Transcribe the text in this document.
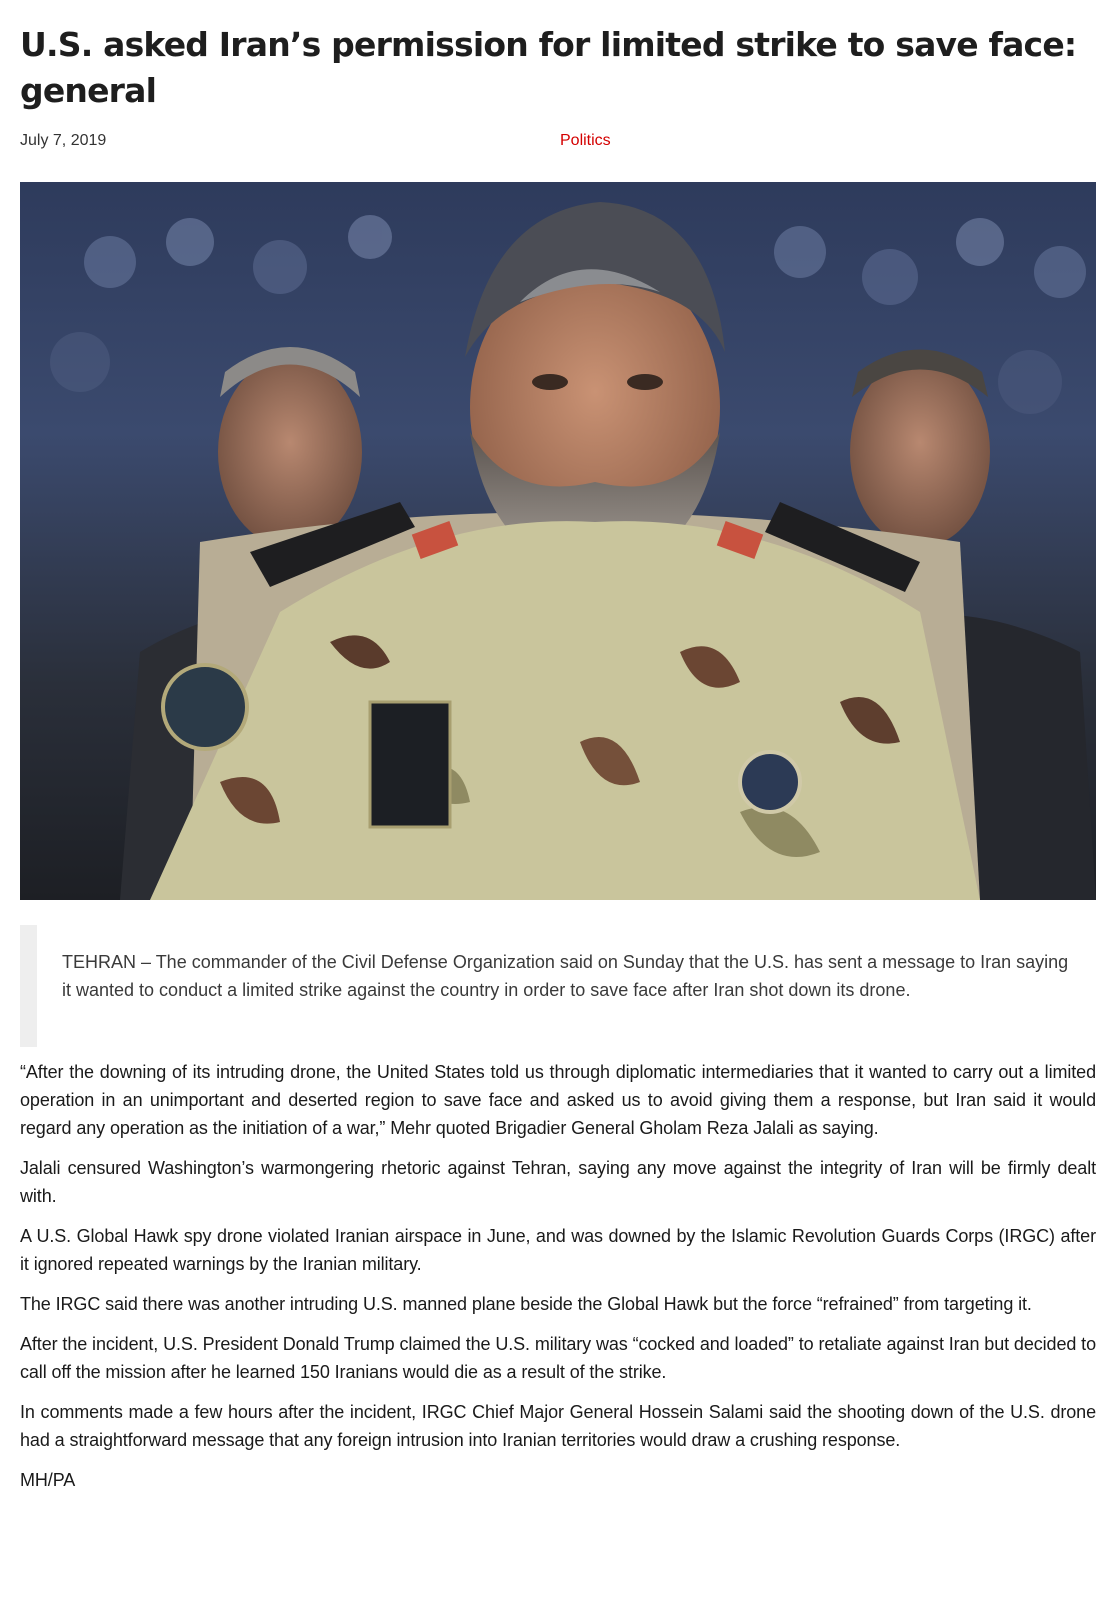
U.S. asked Iran’s permission for limited strike to save face: general
July 7, 2019	Politics

TEHRAN – The commander of the Civil Defense Organization said on Sunday that the U.S. has sent a message to Iran saying it wanted to conduct a limited strike against the country in order to save face after Iran shot down its drone.

“After the downing of its intruding drone, the United States told us through diplomatic intermediaries that it wanted to carry out a limited operation in an unimportant and deserted region to save face and asked us to avoid giving them a response, but Iran said it would regard any operation as the initiation of a war,” Mehr quoted Brigadier General Gholam Reza Jalali as saying.

Jalali censured Washington’s warmongering rhetoric against Tehran, saying any move against the integrity of Iran will be firmly dealt with.

A U.S. Global Hawk spy drone violated Iranian airspace in June, and was downed by the Islamic Revolution Guards Corps (IRGC) after it ignored repeated warnings by the Iranian military.

The IRGC said there was another intruding U.S. manned plane beside the Global Hawk but the force “refrained” from targeting it.

After the incident, U.S. President Donald Trump claimed the U.S. military was “cocked and loaded” to retaliate against Iran but decided to call off the mission after he learned 150 Iranians would die as a result of the strike.

In comments made a few hours after the incident, IRGC Chief Major General Hossein Salami said the shooting down of the U.S. drone had a straightforward message that any foreign intrusion into Iranian territories would draw a crushing response.

MH/PA
